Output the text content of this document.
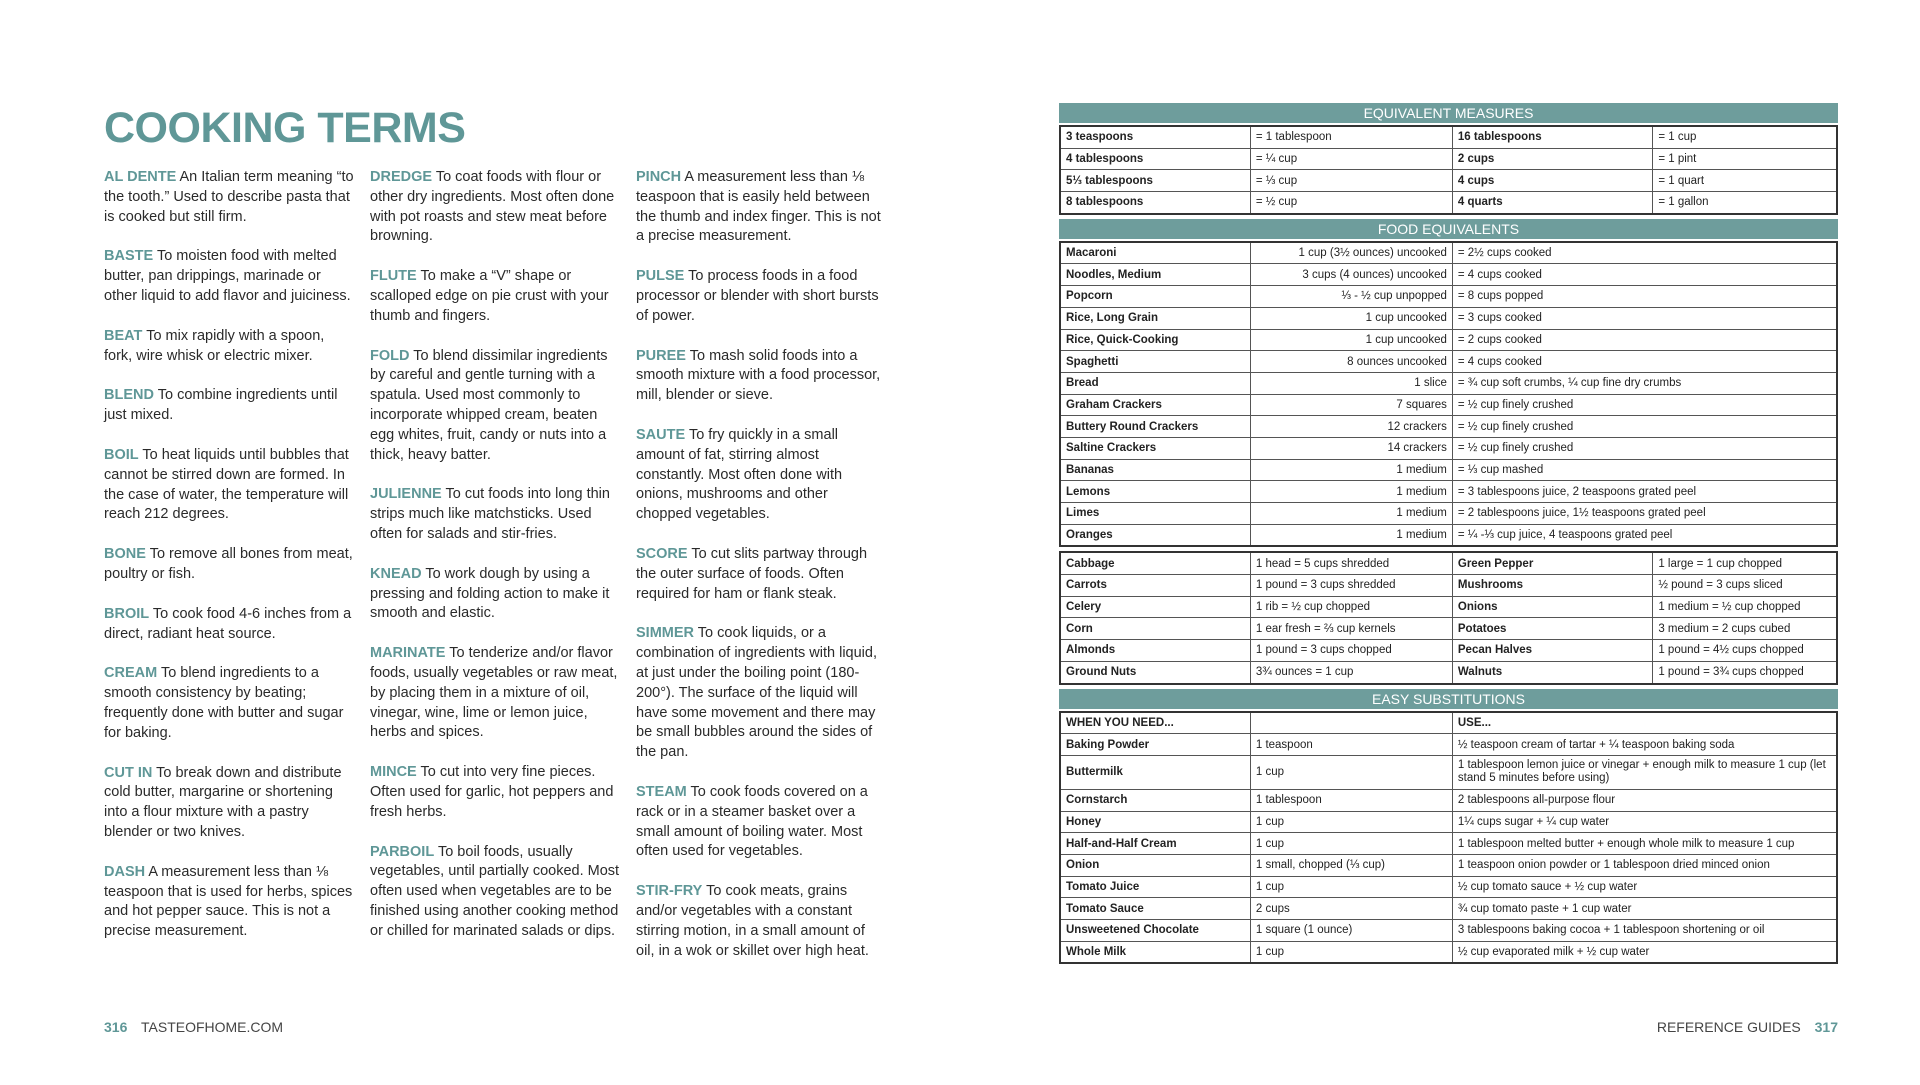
COOKING TERMS

AL DENTE An Italian term meaning “to the tooth.” Used to describe pasta that is cooked but still firm.

BASTE To moisten food with melted butter, pan drippings, marinade or other liquid to add flavor and juiciness.

BEAT To mix rapidly with a spoon, fork, wire whisk or electric mixer.

BLEND To combine ingredients until just mixed.

BOIL To heat liquids until bubbles that cannot be stirred down are formed. In the case of water, the temperature will reach 212 degrees.

BONE To remove all bones from meat, poultry or fish.

BROIL To cook food 4-6 inches from a direct, radiant heat source.

CREAM To blend ingredients to a smooth consistency by beating; frequently done with butter and sugar for baking.

CUT IN To break down and distribute cold butter, margarine or shortening into a flour mixture with a pastry blender or two knives.

DASH A measurement less than ⅛ teaspoon that is used for herbs, spices and hot pepper sauce. This is not a precise measurement.

DREDGE To coat foods with flour or other dry ingredients. Most often done with pot roasts and stew meat before browning.

FLUTE To make a “V” shape or scalloped edge on pie crust with your thumb and fingers.

FOLD To blend dissimilar ingredients by careful and gentle turning with a spatula. Used most commonly to incorporate whipped cream, beaten egg whites, fruit, candy or nuts into a thick, heavy batter.

JULIENNE To cut foods into long thin strips much like matchsticks. Used often for salads and stir-fries.

KNEAD To work dough by using a pressing and folding action to make it smooth and elastic.

MARINATE To tenderize and/or flavor foods, usually vegetables or raw meat, by placing them in a mixture of oil, vinegar, wine, lime or lemon juice, herbs and spices.

MINCE To cut into very fine pieces. Often used for garlic, hot peppers and fresh herbs.

PARBOIL To boil foods, usually vegetables, until partially cooked. Most often used when vegetables are to be finished using another cooking method or chilled for marinated salads or dips.

PINCH A measurement less than ⅛ teaspoon that is easily held between the thumb and index finger. This is not a precise measurement.

PULSE To process foods in a food processor or blender with short bursts of power.

PUREE To mash solid foods into a smooth mixture with a food processor, mill, blender or sieve.

SAUTE To fry quickly in a small amount of fat, stirring almost constantly. Most often done with onions, mushrooms and other chopped vegetables.

SCORE To cut slits partway through the outer surface of foods. Often required for ham or flank steak.

SIMMER To cook liquids, or a combination of ingredients with liquid, at just under the boiling point (180-200°). The surface of the liquid will have some movement and there may be small bubbles around the sides of the pan.

STEAM To cook foods covered on a rack or in a steamer basket over a small amount of boiling water. Most often used for vegetables.

STIR-FRY To cook meats, grains and/or vegetables with a constant stirring motion, in a small amount of oil, in a wok or skillet over high heat.

316 TASTEOFHOME.COM
EQUIVALENT MEASURES
3 teaspoons	= 1 tablespoon	16 tablespoons	= 1 cup
4 tablespoons	= ¼ cup	2 cups	= 1 pint
5⅓ tablespoons	= ⅓ cup	4 cups	= 1 quart
8 tablespoons	= ½ cup	4 quarts	= 1 gallon
FOOD EQUIVALENTS
Macaroni	1 cup (3½ ounces) uncooked	= 2½ cups cooked
Noodles, Medium	3 cups (4 ounces) uncooked	= 4 cups cooked
Popcorn	⅓ - ½ cup unpopped	= 8 cups popped
Rice, Long Grain	1 cup uncooked	= 3 cups cooked
Rice, Quick-Cooking	1 cup uncooked	= 2 cups cooked
Spaghetti	8 ounces uncooked	= 4 cups cooked
Bread	1 slice	= ¾ cup soft crumbs, ¼ cup fine dry crumbs
Graham Crackers	7 squares	= ½ cup finely crushed
Buttery Round Crackers	12 crackers	= ½ cup finely crushed
Saltine Crackers	14 crackers	= ½ cup finely crushed
Bananas	1 medium	= ⅓ cup mashed
Lemons	1 medium	= 3 tablespoons juice, 2 teaspoons grated peel
Limes	1 medium	= 2 tablespoons juice, 1½ teaspoons grated peel
Oranges	1 medium	= ¼ -⅓ cup juice, 4 teaspoons grated peel
Cabbage	1 head = 5 cups shredded	Green Pepper	1 large = 1 cup chopped
Carrots	1 pound = 3 cups shredded	Mushrooms	½ pound = 3 cups sliced
Celery	1 rib = ½ cup chopped	Onions	1 medium = ½ cup chopped
Corn	1 ear fresh = ⅔ cup kernels	Potatoes	3 medium = 2 cups cubed
Almonds	1 pound = 3 cups chopped	Pecan Halves	1 pound = 4½ cups chopped
Ground Nuts	3¾ ounces = 1 cup	Walnuts	1 pound = 3¾ cups chopped
EASY SUBSTITUTIONS
WHEN YOU NEED...		USE...
Baking Powder	1 teaspoon	½ teaspoon cream of tartar + ¼ teaspoon baking soda
Buttermilk	1 cup	1 tablespoon lemon juice or vinegar + enough milk to measure 1 cup (let stand 5 minutes before using)
Cornstarch	1 tablespoon	2 tablespoons all-purpose flour
Honey	1 cup	1¼ cups sugar + ¼ cup water
Half-and-Half Cream	1 cup	1 tablespoon melted butter + enough whole milk to measure 1 cup
Onion	1 small, chopped (⅓ cup)	1 teaspoon onion powder or 1 tablespoon dried minced onion
Tomato Juice	1 cup	½ cup tomato sauce + ½ cup water
Tomato Sauce	2 cups	¾ cup tomato paste + 1 cup water
Unsweetened Chocolate	1 square (1 ounce)	3 tablespoons baking cocoa + 1 tablespoon shortening or oil
Whole Milk	1 cup	½ cup evaporated milk + ½ cup water
REFERENCE GUIDES 317
